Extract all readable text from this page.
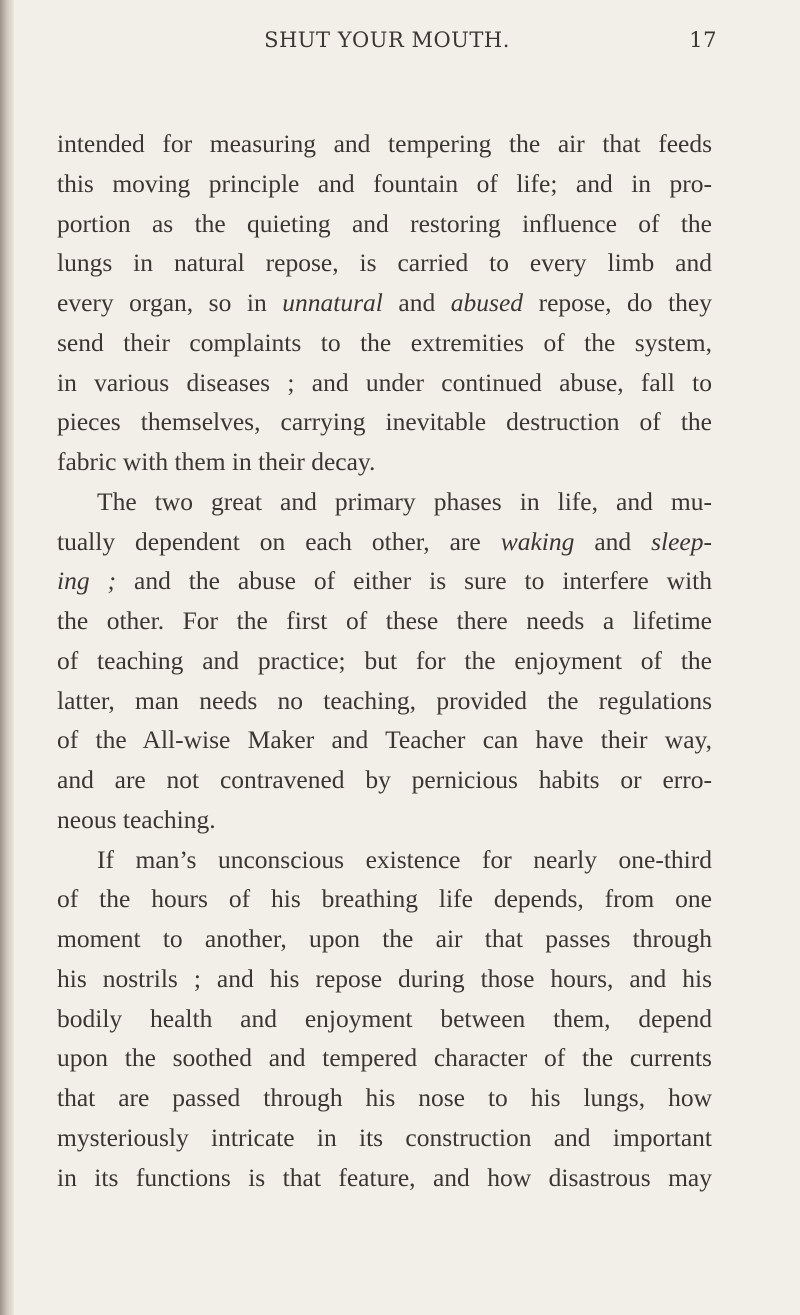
SHUT YOUR MOUTH.	17
intended for measuring and tempering the air that feeds
this moving principle and fountain of life; and in pro-
portion as the quieting and restoring influence of the
lungs in natural repose, is carried to every limb and
every organ, so in unnatural and abused repose, do they
send their complaints to the extremities of the system,
in various diseases ; and under continued abuse, fall to
pieces themselves, carrying inevitable destruction of the
fabric with them in their decay.
The two great and primary phases in life, and mu-
tually dependent on each other, are waking and sleep-
ing ; and the abuse of either is sure to interfere with
the other. For the first of these there needs a lifetime
of teaching and practice; but for the enjoyment of the
latter, man needs no teaching, provided the regulations
of the All-wise Maker and Teacher can have their way,
and are not contravened by pernicious habits or erro-
neous teaching.
If man’s unconscious existence for nearly one-third
of the hours of his breathing life depends, from one
moment to another, upon the air that passes through
his nostrils ; and his repose during those hours, and his
bodily health and enjoyment between them, depend
upon the soothed and tempered character of the currents
that are passed through his nose to his lungs, how
mysteriously intricate in its construction and important
in its functions is that feature, and how disastrous may
